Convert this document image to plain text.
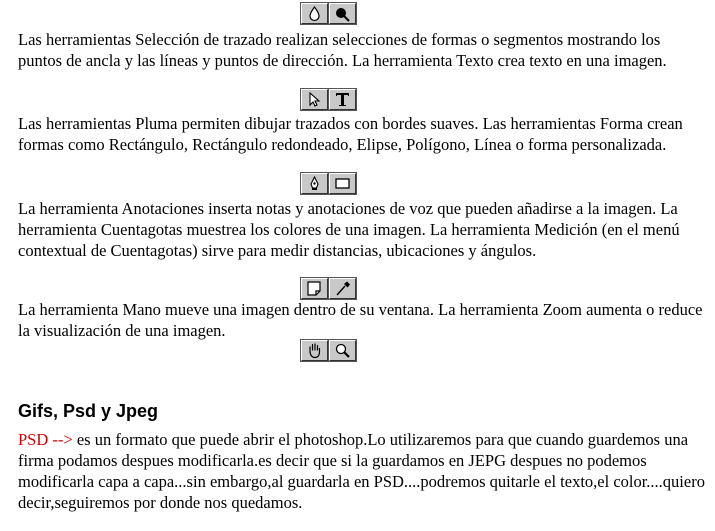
Las herramientas Selección de trazado realizan selecciones de formas o segmentos mostrando los puntos de ancla y las líneas y puntos de dirección. La herramienta Texto crea texto en una imagen.

Las herramientas Pluma permiten dibujar trazados con bordes suaves. Las herramientas Forma crean formas como Rectángulo, Rectángulo redondeado, Elipse, Polígono, Línea o forma personalizada.

La herramienta Anotaciones inserta notas y anotaciones de voz que pueden añadirse a la imagen. La herramienta Cuentagotas muestrea los colores de una imagen. La herramienta Medición (en el menú contextual de Cuentagotas) sirve para medir distancias, ubicaciones y ángulos.

La herramienta Mano mueve una imagen dentro de su ventana. La herramienta Zoom aumenta o reduce la visualización de una imagen.

Gifs, Psd y Jpeg

PSD --> es un formato que puede abrir el photoshop.Lo utilizaremos para que cuando guardemos una firma podamos despues modificarla.es decir que si la guardamos en JEPG despues no podemos modificarla capa a capa...sin embargo,al guardarla en PSD....podremos quitarle el texto,el color....quiero decir,seguiremos por donde nos quedamos.
